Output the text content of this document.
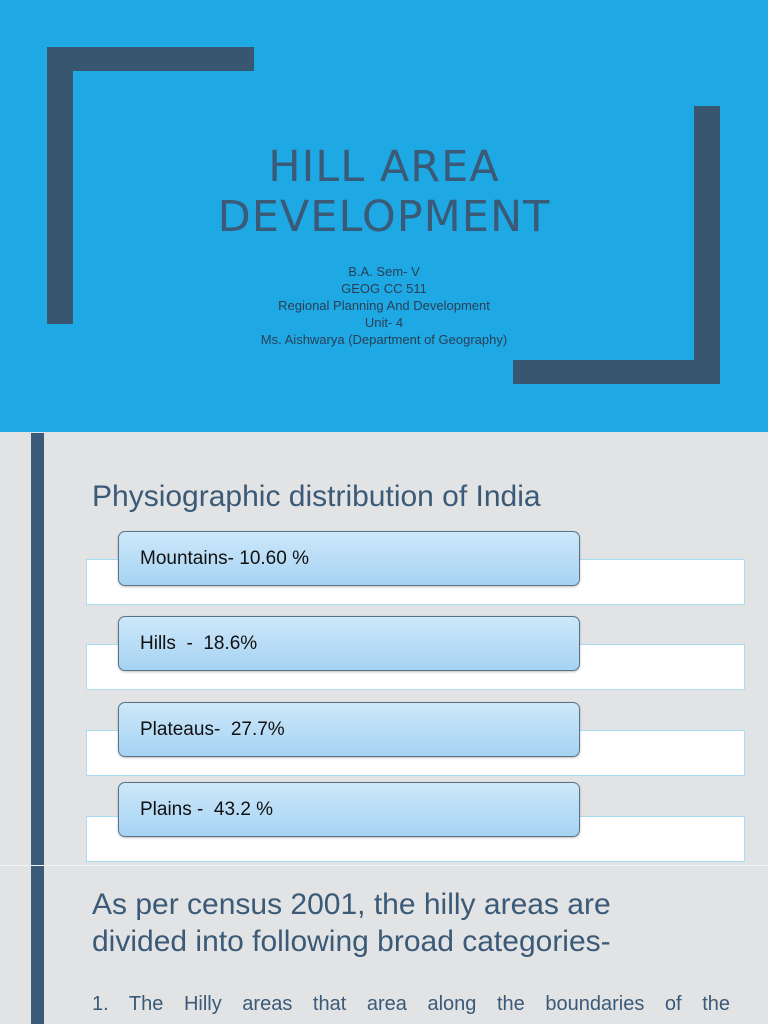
HILL AREA
DEVELOPMENT
B.A. Sem- V
GEOG CC 511
Regional Planning And Development
Unit- 4
Ms. Aishwarya (Department of Geography)
Physiographic distribution of India
Mountains- 10.60 %
Hills  -  18.6%
Plateaus-  27.7%
Plains -  43.2 %
As per census 2001, the hilly areas are
divided into following broad categories-
1. The Hilly areas that area along the boundaries of the
